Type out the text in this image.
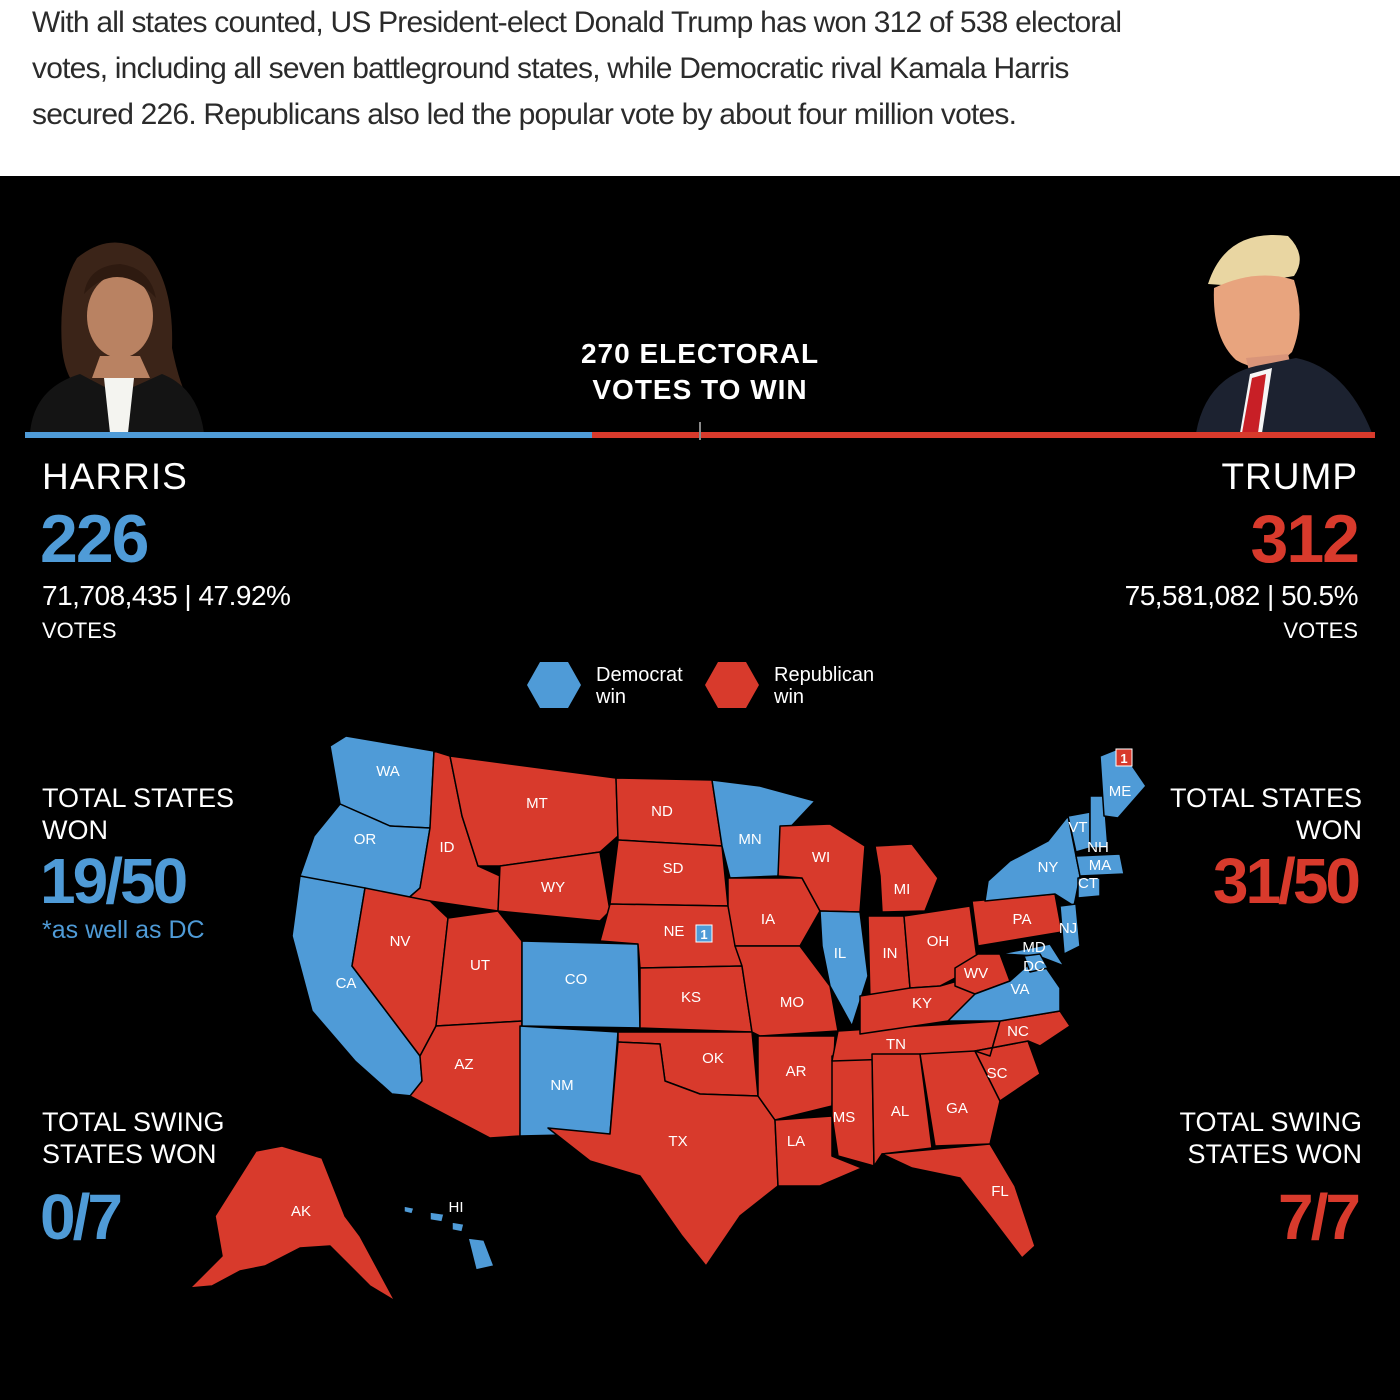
With all states counted, US President-elect Donald Trump has won 312 of 538 electoral
votes, including all seven battleground states, while Democratic rival Kamala Harris
secured 226. Republicans also led the popular vote by about four million votes.
270 ELECTORAL
VOTES TO WIN
HARRIS
226
71,708,435 | 47.92%
VOTES
TOTAL STATES
WON
19/50
*as well as DC
TOTAL SWING
STATES WON
0/7
TRUMP
312
75,581,082 | 50.5%
VOTES
TOTAL STATES
WON
31/50
TOTAL SWING
STATES WON
7/7
Democrat
win
Republican
win
WA
OR
CA
ID
NV
MT
WY
UT
AZ
CO
NM
ND
SD
NE
KS
OK
TX
MN
IA
MO
AR
LA
WI
IL
MS
MI
IN
TN
AL
OH
KY
GA
FL
SC
NC
WV
VA
PA
NY
MD
DC
NJ
VT
NH
MA
CT
ME
AK	HI
1
1
